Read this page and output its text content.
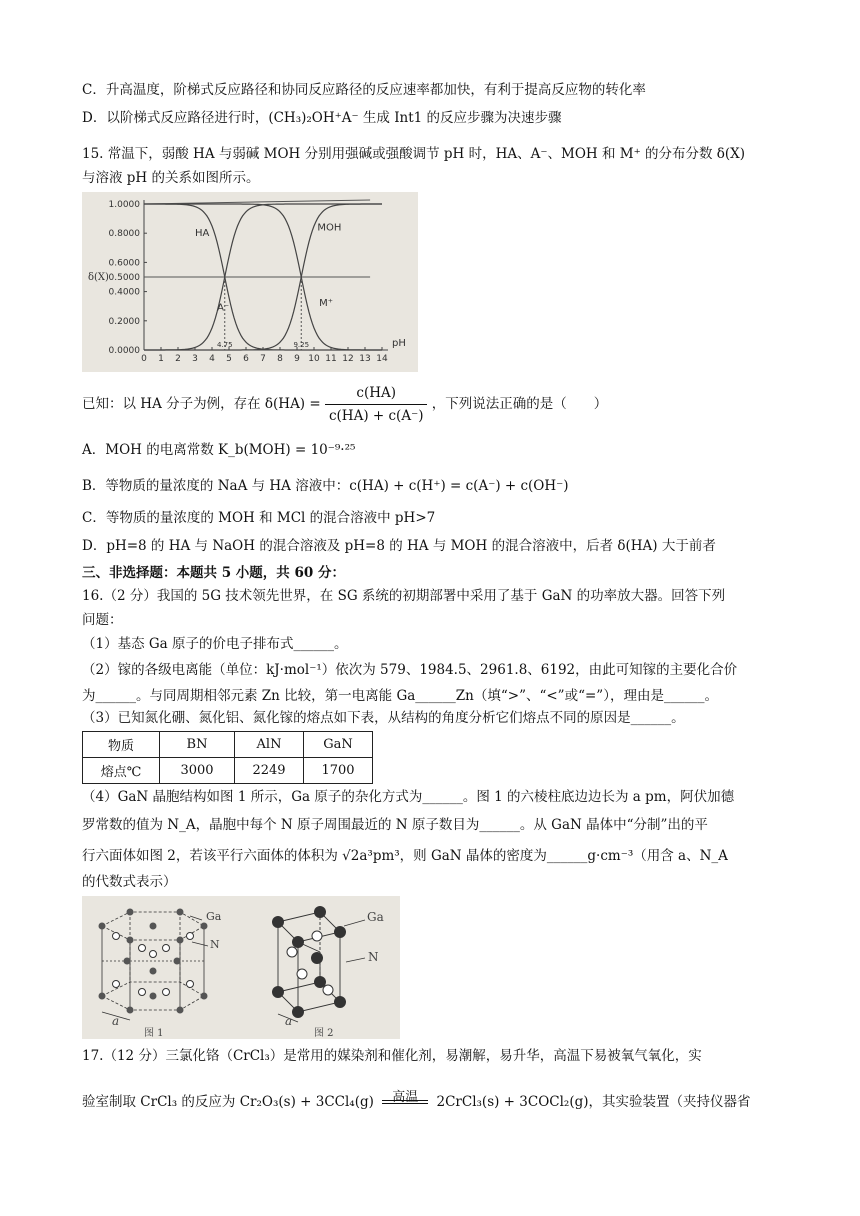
C．升高温度，阶梯式反应路径和协同反应路径的反应速率都加快，有利于提高反应物的转化率
D．以阶梯式反应路径进行时，(CH₃)₂OH⁺A⁻ 生成 Int1 的反应步骤为决速步骤
15. 常温下，弱酸 HA 与弱碱 MOH 分别用强碱或强酸调节 pH 时，HA、A⁻、MOH 和 M⁺ 的分布分数 δ(X)
与溶液 pH 的关系如图所示。
0 1 2 3 4 5 6 7 8 9 10 11 12 13 14
0.0000
0.2000
0.4000
0.5000
0.6000
0.8000
1.0000
pH
δ(X)
4.75	9.25
HA
A⁻
MOH
M⁺
已知：以 HA 分子为例，存在 $\delta(HA) = \frac{c(HA)}{c(HA) + c(A^-)}$ ，下列说法正确的是（　　）
A．MOH 的电离常数 K_b(MOH) = 10⁻⁹·²⁵
B．等物质的量浓度的 NaA 与 HA 溶液中：c(HA) + c(H⁺) = c(A⁻) + c(OH⁻)
C．等物质的量浓度的 MOH 和 MCl 的混合溶液中 pH>7
D．pH=8 的 HA 与 NaOH 的混合溶液及 pH=8 的 HA 与 MOH 的混合溶液中，后者 δ(HA) 大于前者
三、非选择题：本题共 5 小题，共 60 分：
16.（2 分）我国的 5G 技术领先世界，在 SG 系统的初期部署中采用了基于 GaN 的功率放大器。回答下列
问题：
（1）基态 Ga 原子的价电子排布式______。
（2）镓的各级电离能（单位：kJ·mol⁻¹）依次为 579、1984.5、2961.8、6192，由此可知镓的主要化合价
为______。与同周期相邻元素 Zn 比较，第一电离能 Ga______Zn（填“>”、“<”或“=”），理由是______。
（3）已知氮化硼、氮化铝、氮化镓的熔点如下表，从结构的角度分析它们熔点不同的原因是______。
物质	BN	AlN	GaN
熔点℃	3000	2249	1700
（4）GaN 晶胞结构如图 1 所示，Ga 原子的杂化方式为______。图 1 的六棱柱底边边长为 a pm，阿伏加德
罗常数的值为 N_A，晶胞中每个 N 原子周围最近的 N 原子数目为______。从 GaN 晶体中“分制”出的平
行六面体如图 2，若该平行六面体的体积为 √2a³pm³，则 GaN 晶体的密度为______g·cm⁻³（用含 a、N_A
的代数式表示）
Ga
N
a
图 1
Ga
N
a
图 2
17.（12 分）三氯化铬（CrCl₃）是常用的媒染剂和催化剂，易潮解，易升华，高温下易被氧气氧化，实
验室制取 CrCl₃ 的反应为 Cr₂O₃(s) + 3CCl₄(g)	高温	2CrCl₃(s) + 3COCl₂(g)，其实验装置（夹持仪器省
